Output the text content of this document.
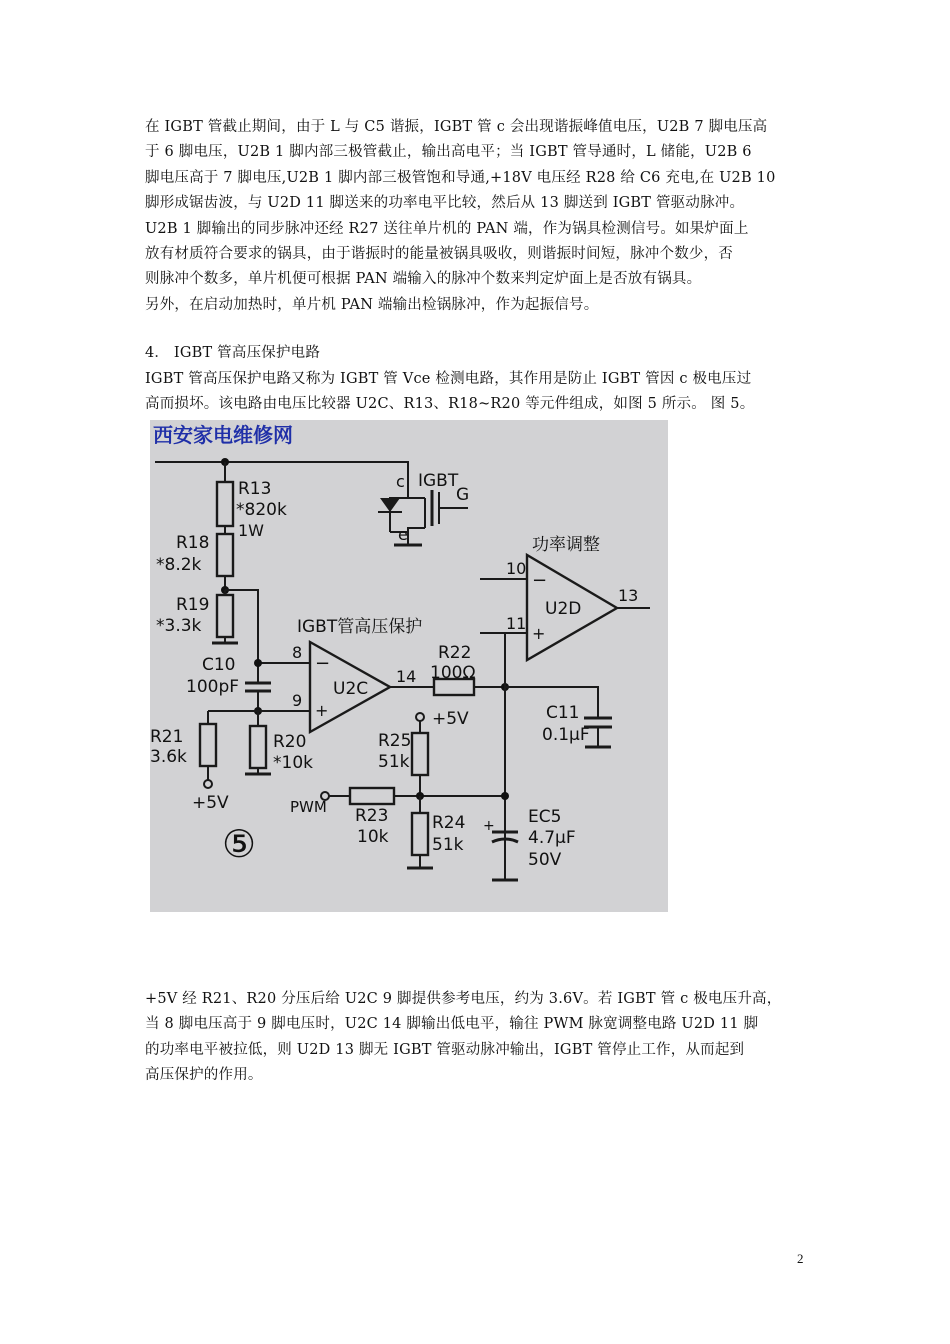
在 IGBT 管截止期间，由于 L 与 C5 谐振，IGBT 管 c 会出现谐振峰值电压，U2B 7 脚电压高
于 6 脚电压，U2B 1 脚内部三极管截止，输出高电平；当 IGBT 管导通时，L 储能，U2B 6
脚电压高于 7 脚电压,U2B 1 脚内部三极管饱和导通,+18V 电压经 R28 给 C6 充电,在 U2B 10
脚形成锯齿波，与 U2D 11 脚送来的功率电平比较，然后从 13 脚送到 IGBT 管驱动脉冲。
U2B 1 脚输出的同步脉冲还经 R27 送往单片机的 PAN 端，作为锅具检测信号。如果炉面上
放有材质符合要求的锅具，由于谐振时的能量被锅具吸收，则谐振时间短，脉冲个数少，否
则脉冲个数多，单片机便可根据 PAN 端输入的脉冲个数来判定炉面上是否放有锅具。
另外，在启动加热时，单片机 PAN 端输出检锅脉冲，作为起振信号。
4． IGBT 管高压保护电路
IGBT 管高压保护电路又称为 IGBT 管 Vce 检测电路，其作用是防止 IGBT 管因 c 极电压过
高而损坏。该电路由电压比较器 U2C、R13、R18~R20 等元件组成，如图 5 所示。 图 5。
西安家电维修网
R13
*820k
1W
R18
*8.2k
R19
*3.3k
C10
100pF
R21
3.6k
+5V
R20
*10k
c IGBT
G
e
−
+
U2C
8
9
IGBT管高压保护
14
R22
100Ω
−
+
U2D
10
11
13
功率调整
C11
0.1μF
+5V
R25
51k
PWM R23
10k
R24
51k
+ EC5
4.7μF
50V
⑤
+5V 经 R21、R20 分压后给 U2C 9 脚提供参考电压，约为 3.6V。若 IGBT 管 c 极电压升高，
当 8 脚电压高于 9 脚电压时，U2C 14 脚输出低电平，输往 PWM 脉宽调整电路 U2D 11 脚
的功率电平被拉低，则 U2D 13 脚无 IGBT 管驱动脉冲输出，IGBT 管停止工作，从而起到
高压保护的作用。
2
